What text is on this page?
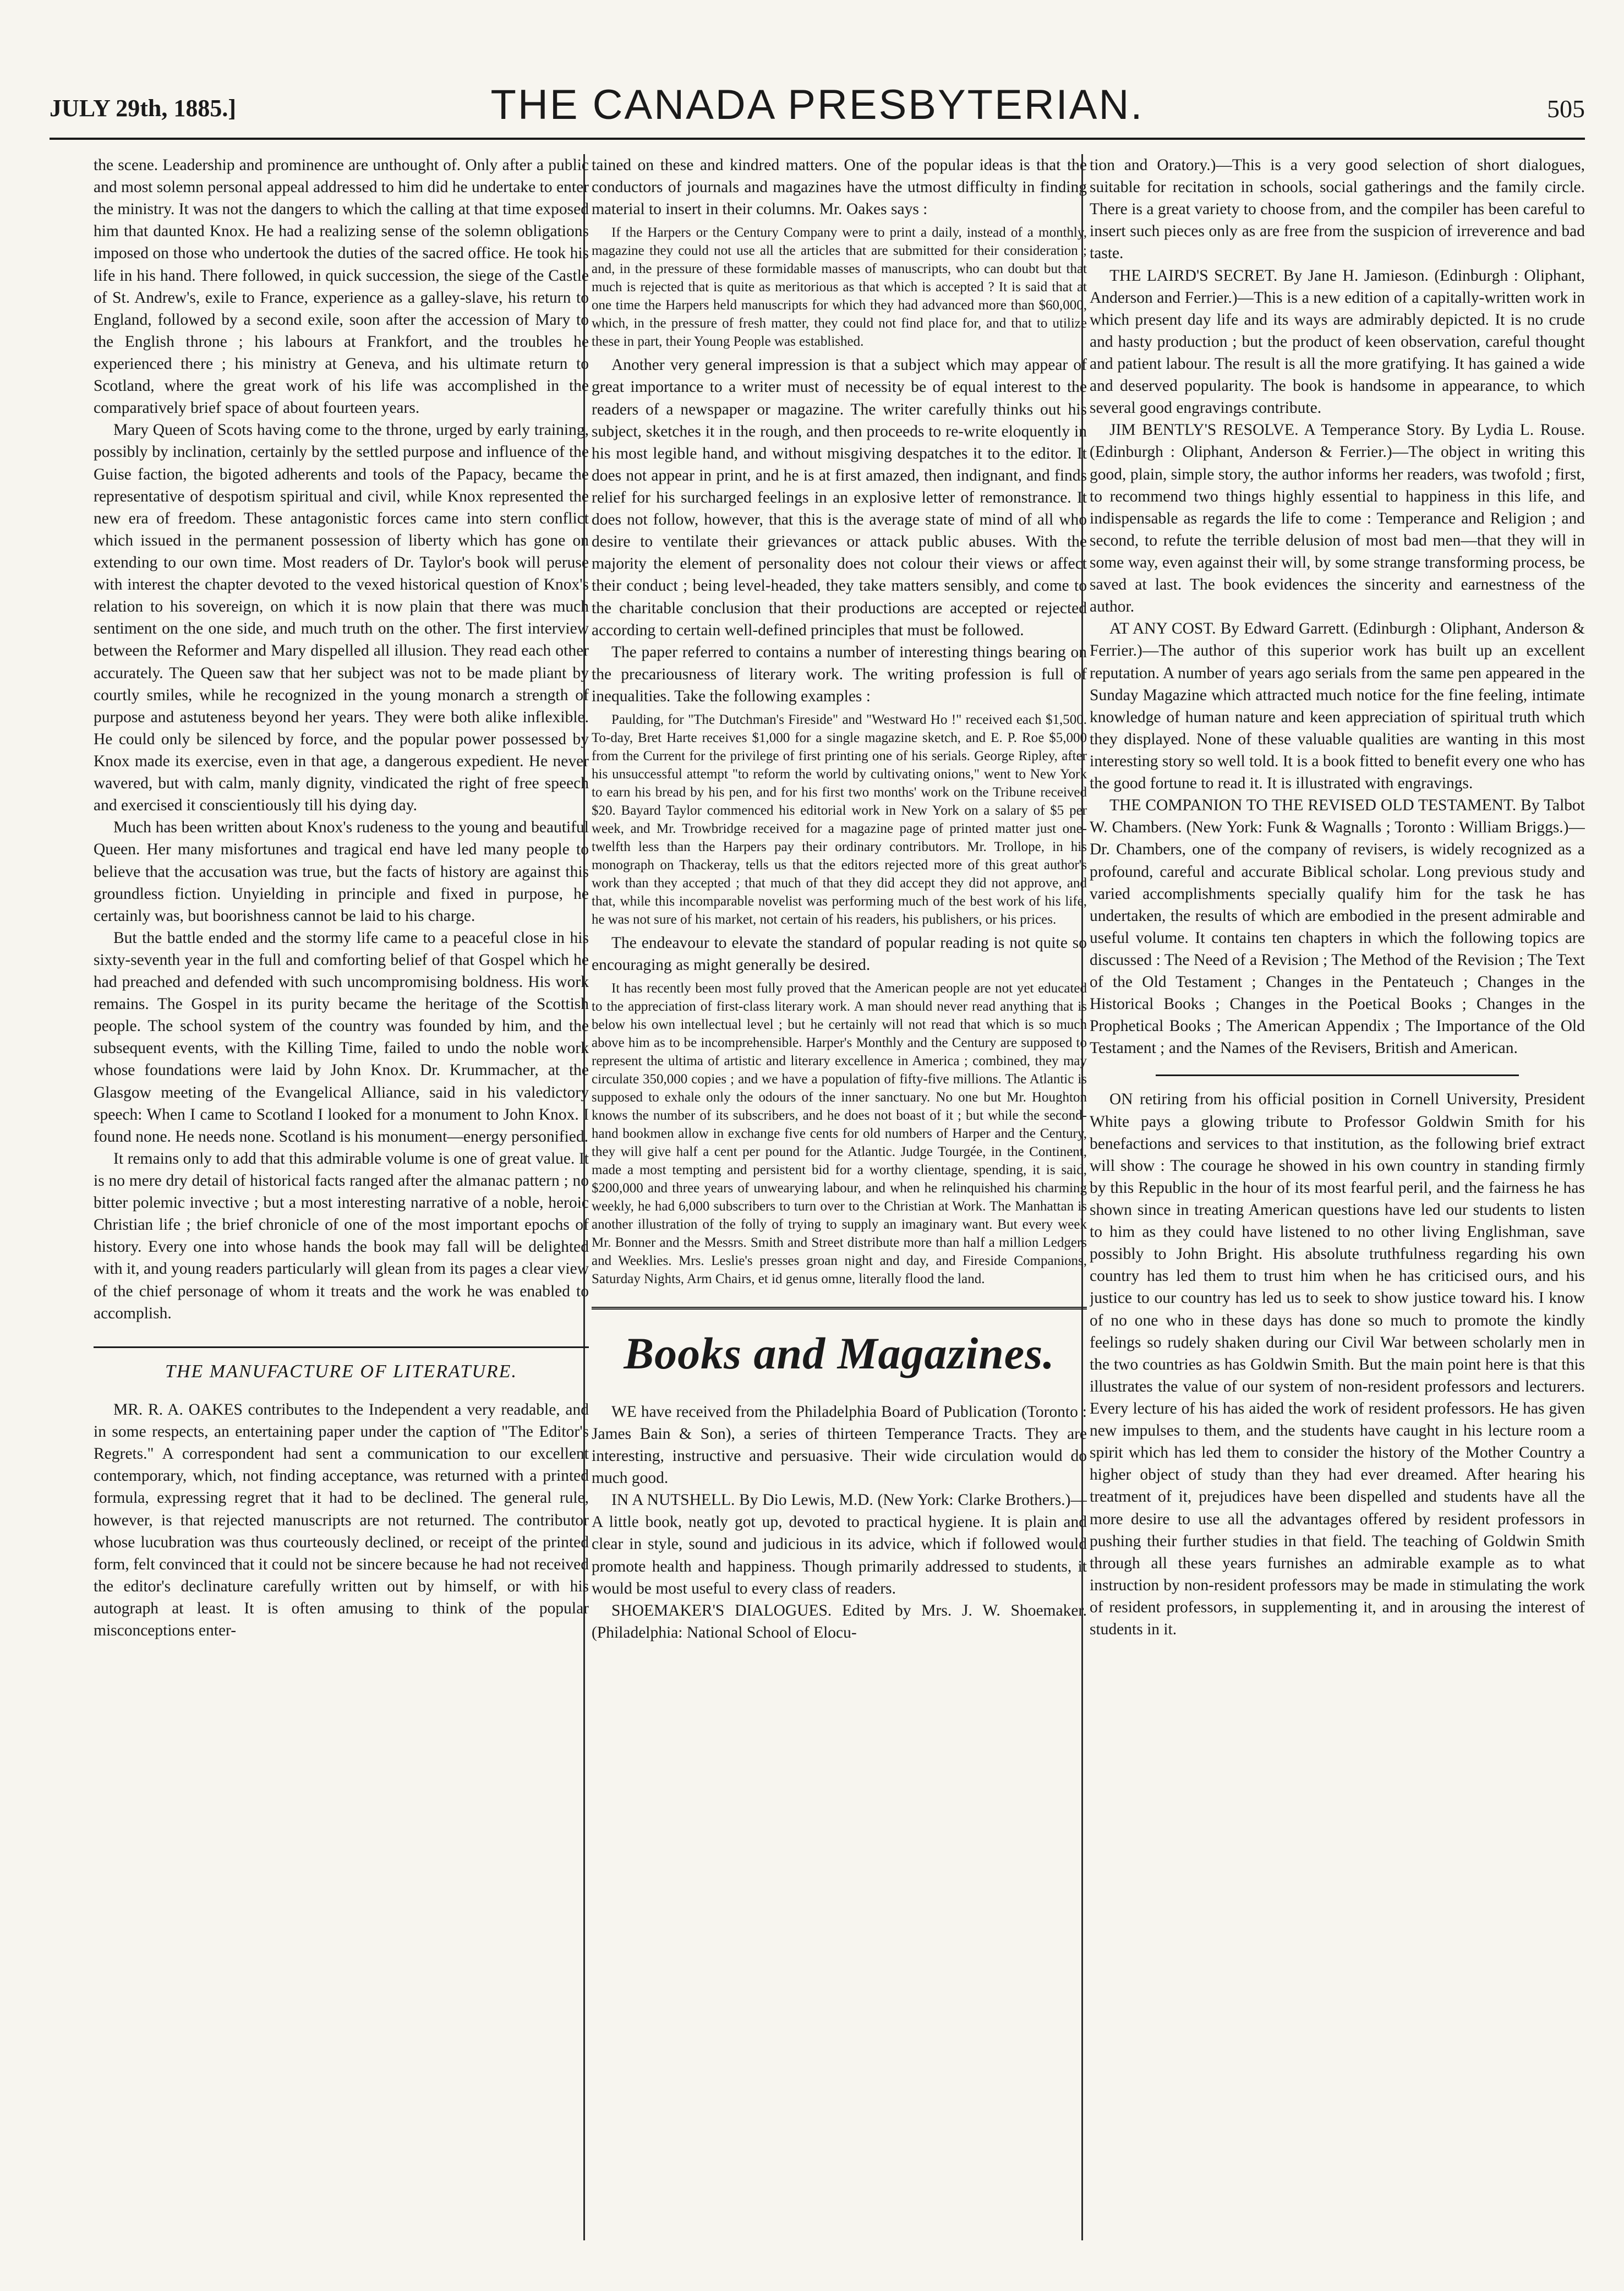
JULY 29th, 1885.]	THE CANADA PRESBYTERIAN.	505

the scene. Leadership and prominence are unthought of. Only after a public and most solemn personal appeal addressed to him did he undertake to enter the ministry. It was not the dangers to which the calling at that time exposed him that daunted Knox. He had a realizing sense of the solemn obligations imposed on those who undertook the duties of the sacred office. He took his life in his hand. There followed, in quick succession, the siege of the Castle of St. Andrew's, exile to France, experience as a galley-slave, his return to England, followed by a second exile, soon after the accession of Mary to the English throne ; his labours at Frankfort, and the troubles he experienced there ; his ministry at Geneva, and his ultimate return to Scotland, where the great work of his life was accomplished in the comparatively brief space of about fourteen years.

Mary Queen of Scots having come to the throne, urged by early training, possibly by inclination, certainly by the settled purpose and influence of the Guise faction, the bigoted adherents and tools of the Papacy, became the representative of despotism spiritual and civil, while Knox represented the new era of freedom. These antagonistic forces came into stern conflict which issued in the permanent possession of liberty which has gone on extending to our own time. Most readers of Dr. Taylor's book will peruse with interest the chapter devoted to the vexed historical question of Knox's relation to his sovereign, on which it is now plain that there was much sentiment on the one side, and much truth on the other. The first interview between the Reformer and Mary dispelled all illusion. They read each other accurately. The Queen saw that her subject was not to be made pliant by courtly smiles, while he recognized in the young monarch a strength of purpose and astuteness beyond her years. They were both alike inflexible. He could only be silenced by force, and the popular power possessed by Knox made its exercise, even in that age, a dangerous expedient. He never wavered, but with calm, manly dignity, vindicated the right of free speech and exercised it conscientiously till his dying day.

Much has been written about Knox's rudeness to the young and beautiful Queen. Her many misfortunes and tragical end have led many people to believe that the accusation was true, but the facts of history are against this groundless fiction. Unyielding in principle and fixed in purpose, he certainly was, but boorishness cannot be laid to his charge.

But the battle ended and the stormy life came to a peaceful close in his sixty-seventh year in the full and comforting belief of that Gospel which he had preached and defended with such uncompromising boldness. His work remains. The Gospel in its purity became the heritage of the Scottish people. The school system of the country was founded by him, and the subsequent events, with the Killing Time, failed to undo the noble work whose foundations were laid by John Knox. Dr. Krummacher, at the Glasgow meeting of the Evangelical Alliance, said in his valedictory speech: When I came to Scotland I looked for a monument to John Knox. I found none. He needs none. Scotland is his monument—energy personified.

It remains only to add that this admirable volume is one of great value. It is no mere dry detail of historical facts ranged after the almanac pattern ; no bitter polemic invective ; but a most interesting narrative of a noble, heroic Christian life ; the brief chronicle of one of the most important epochs of history. Every one into whose hands the book may fall will be delighted with it, and young readers particularly will glean from its pages a clear view of the chief personage of whom it treats and the work he was enabled to accomplish.

THE MANUFACTURE OF LITERATURE.

MR. R. A. OAKES contributes to the Independent a very readable, and in some respects, an entertaining paper under the caption of "The Editor's Regrets." A correspondent had sent a communication to our excellent contemporary, which, not finding acceptance, was returned with a printed formula, expressing regret that it had to be declined. The general rule, however, is that rejected manuscripts are not returned. The contributor whose lucubration was thus courteously declined, or receipt of the printed form, felt convinced that it could not be sincere because he had not received the editor's declinature carefully written out by himself, or with his autograph at least. It is often amusing to think of the popular misconceptions enter-

tained on these and kindred matters. One of the popular ideas is that the conductors of journals and magazines have the utmost difficulty in finding material to insert in their columns. Mr. Oakes says :

If the Harpers or the Century Company were to print a daily, instead of a monthly, magazine they could not use all the articles that are submitted for their consideration ; and, in the pressure of these formidable masses of manuscripts, who can doubt but that much is rejected that is quite as meritorious as that which is accepted ? It is said that at one time the Harpers held manuscripts for which they had advanced more than $60,000, which, in the pressure of fresh matter, they could not find place for, and that to utilize these in part, their Young People was established.

Another very general impression is that a subject which may appear of great importance to a writer must of necessity be of equal interest to the readers of a newspaper or magazine. The writer carefully thinks out his subject, sketches it in the rough, and then proceeds to re-write eloquently in his most legible hand, and without misgiving despatches it to the editor. It does not appear in print, and he is at first amazed, then indignant, and finds relief for his surcharged feelings in an explosive letter of remonstrance. It does not follow, however, that this is the average state of mind of all who desire to ventilate their grievances or attack public abuses. With the majority the element of personality does not colour their views or affect their conduct ; being level-headed, they take matters sensibly, and come to the charitable conclusion that their productions are accepted or rejected according to certain well-defined principles that must be followed.

The paper referred to contains a number of interesting things bearing on the precariousness of literary work. The writing profession is full of inequalities. Take the following examples :

Paulding, for "The Dutchman's Fireside" and "Westward Ho !" received each $1,500. To-day, Bret Harte receives $1,000 for a single magazine sketch, and E. P. Roe $5,000 from the Current for the privilege of first printing one of his serials. George Ripley, after his unsuccessful attempt "to reform the world by cultivating onions," went to New York to earn his bread by his pen, and for his first two months' work on the Tribune received $20. Bayard Taylor commenced his editorial work in New York on a salary of $5 per week, and Mr. Trowbridge received for a magazine page of printed matter just one-twelfth less than the Harpers pay their ordinary contributors. Mr. Trollope, in his monograph on Thackeray, tells us that the editors rejected more of this great author's work than they accepted ; that much of that they did accept they did not approve, and that, while this incomparable novelist was performing much of the best work of his life, he was not sure of his market, not certain of his readers, his publishers, or his prices.

The endeavour to elevate the standard of popular reading is not quite so encouraging as might generally be desired.

It has recently been most fully proved that the American people are not yet educated to the appreciation of first-class literary work. A man should never read anything that is below his own intellectual level ; but he certainly will not read that which is so much above him as to be incomprehensible. Harper's Monthly and the Century are supposed to represent the ultima of artistic and literary excellence in America ; combined, they may circulate 350,000 copies ; and we have a population of fifty-five millions. The Atlantic is supposed to exhale only the odours of the inner sanctuary. No one but Mr. Houghton knows the number of its subscribers, and he does not boast of it ; but while the second-hand bookmen allow in exchange five cents for old numbers of Harper and the Century, they will give half a cent per pound for the Atlantic. Judge Tourgée, in the Continent, made a most tempting and persistent bid for a worthy clientage, spending, it is said, $200,000 and three years of unwearying labour, and when he relinquished his charming weekly, he had 6,000 subscribers to turn over to the Christian at Work. The Manhattan is another illustration of the folly of trying to supply an imaginary want. But every week Mr. Bonner and the Messrs. Smith and Street distribute more than half a million Ledgers and Weeklies. Mrs. Leslie's presses groan night and day, and Fireside Companions, Saturday Nights, Arm Chairs, et id genus omne, literally flood the land.

Books and Magazines.

WE have received from the Philadelphia Board of Publication (Toronto : James Bain & Son), a series of thirteen Temperance Tracts. They are interesting, instructive and persuasive. Their wide circulation would do much good.

IN A NUTSHELL. By Dio Lewis, M.D. (New York: Clarke Brothers.)—A little book, neatly got up, devoted to practical hygiene. It is plain and clear in style, sound and judicious in its advice, which if followed would promote health and happiness. Though primarily addressed to students, it would be most useful to every class of readers.

SHOEMAKER'S DIALOGUES. Edited by Mrs. J. W. Shoemaker. (Philadelphia: National School of Elocu-

tion and Oratory.)—This is a very good selection of short dialogues, suitable for recitation in schools, social gatherings and the family circle. There is a great variety to choose from, and the compiler has been careful to insert such pieces only as are free from the suspicion of irreverence and bad taste.

THE LAIRD'S SECRET. By Jane H. Jamieson. (Edinburgh : Oliphant, Anderson and Ferrier.)—This is a new edition of a capitally-written work in which present day life and its ways are admirably depicted. It is no crude and hasty production ; but the product of keen observation, careful thought and patient labour. The result is all the more gratifying. It has gained a wide and deserved popularity. The book is handsome in appearance, to which several good engravings contribute.

JIM BENTLY'S RESOLVE. A Temperance Story. By Lydia L. Rouse. (Edinburgh : Oliphant, Anderson & Ferrier.)—The object in writing this good, plain, simple story, the author informs her readers, was twofold ; first, to recommend two things highly essential to happiness in this life, and indispensable as regards the life to come : Temperance and Religion ; and second, to refute the terrible delusion of most bad men—that they will in some way, even against their will, by some strange transforming process, be saved at last. The book evidences the sincerity and earnestness of the author.

AT ANY COST. By Edward Garrett. (Edinburgh : Oliphant, Anderson & Ferrier.)—The author of this superior work has built up an excellent reputation. A number of years ago serials from the same pen appeared in the Sunday Magazine which attracted much notice for the fine feeling, intimate knowledge of human nature and keen appreciation of spiritual truth which they displayed. None of these valuable qualities are wanting in this most interesting story so well told. It is a book fitted to benefit every one who has the good fortune to read it. It is illustrated with engravings.

THE COMPANION TO THE REVISED OLD TESTAMENT. By Talbot W. Chambers. (New York: Funk & Wagnalls ; Toronto : William Briggs.)—Dr. Chambers, one of the company of revisers, is widely recognized as a profound, careful and accurate Biblical scholar. Long previous study and varied accomplishments specially qualify him for the task he has undertaken, the results of which are embodied in the present admirable and useful volume. It contains ten chapters in which the following topics are discussed : The Need of a Revision ; The Method of the Revision ; The Text of the Old Testament ; Changes in the Pentateuch ; Changes in the Historical Books ; Changes in the Poetical Books ; Changes in the Prophetical Books ; The American Appendix ; The Importance of the Old Testament ; and the Names of the Revisers, British and American.

ON retiring from his official position in Cornell University, President White pays a glowing tribute to Professor Goldwin Smith for his benefactions and services to that institution, as the following brief extract will show : The courage he showed in his own country in standing firmly by this Republic in the hour of its most fearful peril, and the fairness he has shown since in treating American questions have led our students to listen to him as they could have listened to no other living Englishman, save possibly to John Bright. His absolute truthfulness regarding his own country has led them to trust him when he has criticised ours, and his justice to our country has led us to seek to show justice toward his. I know of no one who in these days has done so much to promote the kindly feelings so rudely shaken during our Civil War between scholarly men in the two countries as has Goldwin Smith. But the main point here is that this illustrates the value of our system of non-resident professors and lecturers. Every lecture of his has aided the work of resident professors. He has given new impulses to them, and the students have caught in his lecture room a spirit which has led them to consider the history of the Mother Country a higher object of study than they had ever dreamed. After hearing his treatment of it, prejudices have been dispelled and students have all the more desire to use all the advantages offered by resident professors in pushing their further studies in that field. The teaching of Goldwin Smith through all these years furnishes an admirable example as to what instruction by non-resident professors may be made in stimulating the work of resident professors, in supplementing it, and in arousing the interest of students in it.
